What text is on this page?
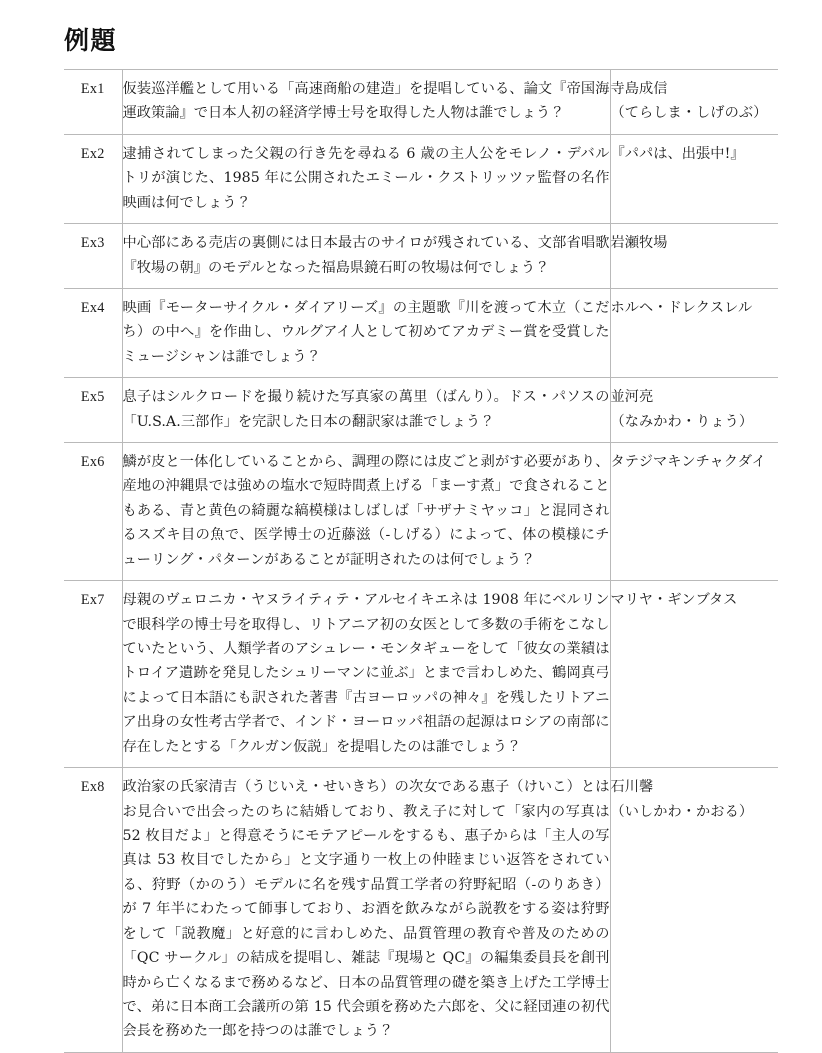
例題
Ex1	仮装巡洋艦として用いる「高速商船の建造」を提唱している、論文『帝国海運政策論』で日本人初の経済学博士号を取得した人物は誰でしょう？	寺島成信
（てらしま・しげのぶ）

Ex2	逮捕されてしまった父親の行き先を尋ねる 6 歳の主人公をモレノ・デバルトリが演じた、1985 年に公開されたエミール・クストリッツァ監督の名作映画は何でしょう？	『パパは、出張中!』

Ex3	中心部にある売店の裏側には日本最古のサイロが残されている、文部省唱歌『牧場の朝』のモデルとなった福島県鏡石町の牧場は何でしょう？	岩瀬牧場

Ex4	映画『モーターサイクル・ダイアリーズ』の主題歌『川を渡って木立（こだち）の中へ』を作曲し、ウルグアイ人として初めてアカデミー賞を受賞したミュージシャンは誰でしょう？	ホルヘ・ドレクスレル

Ex5	息子はシルクロードを撮り続けた写真家の萬里（ばんり）。ドス・パソスの「U.S.A.三部作」を完訳した日本の翻訳家は誰でしょう？	並河亮
（なみかわ・りょう）

Ex6	鱗が皮と一体化していることから、調理の際には皮ごと剥がす必要があり、産地の沖縄県では強めの塩水で短時間煮上げる「まーす煮」で食されることもある、青と黄色の綺麗な縞模様はしばしば「サザナミヤッコ」と混同されるスズキ目の魚で、医学博士の近藤滋（-しげる）によって、体の模様にチューリング・パターンがあることが証明されたのは何でしょう？	タテジマキンチャクダイ

Ex7	母親のヴェロニカ・ヤヌライティテ・アルセイキエネは 1908 年にベルリンで眼科学の博士号を取得し、リトアニア初の女医として多数の手術をこなしていたという、人類学者のアシュレー・モンタギューをして「彼女の業績はトロイア遺跡を発見したシュリーマンに並ぶ」とまで言わしめた、鶴岡真弓によって日本語にも訳された著書『古ヨーロッパの神々』を残したリトアニア出身の女性考古学者で、インド・ヨーロッパ祖語の起源はロシアの南部に存在したとする「クルガン仮説」を提唱したのは誰でしょう？	マリヤ・ギンブタス

Ex8	政治家の氏家清吉（うじいえ・せいきち）の次女である惠子（けいこ）とはお見合いで出会ったのちに結婚しており、教え子に対して「家内の写真は 52 枚目だよ」と得意そうにモテアピールをするも、惠子からは「主人の写真は 53 枚目でしたから」と文字通り一枚上の仲睦まじい返答をされている、狩野（かのう）モデルに名を残す品質工学者の狩野紀昭（-のりあき）が 7 年半にわたって師事しており、お酒を飲みながら説教をする姿は狩野をして「説教魔」と好意的に言わしめた、品質管理の教育や普及のための「QC サークル」の結成を提唱し、雑誌『現場と QC』の編集委員長を創刊時から亡くなるまで務めるなど、日本の品質管理の礎を築き上げた工学博士で、弟に日本商工会議所の第 15 代会頭を務めた六郎を、父に経団連の初代会長を務めた一郎を持つのは誰でしょう？	石川馨
（いしかわ・かおる）
